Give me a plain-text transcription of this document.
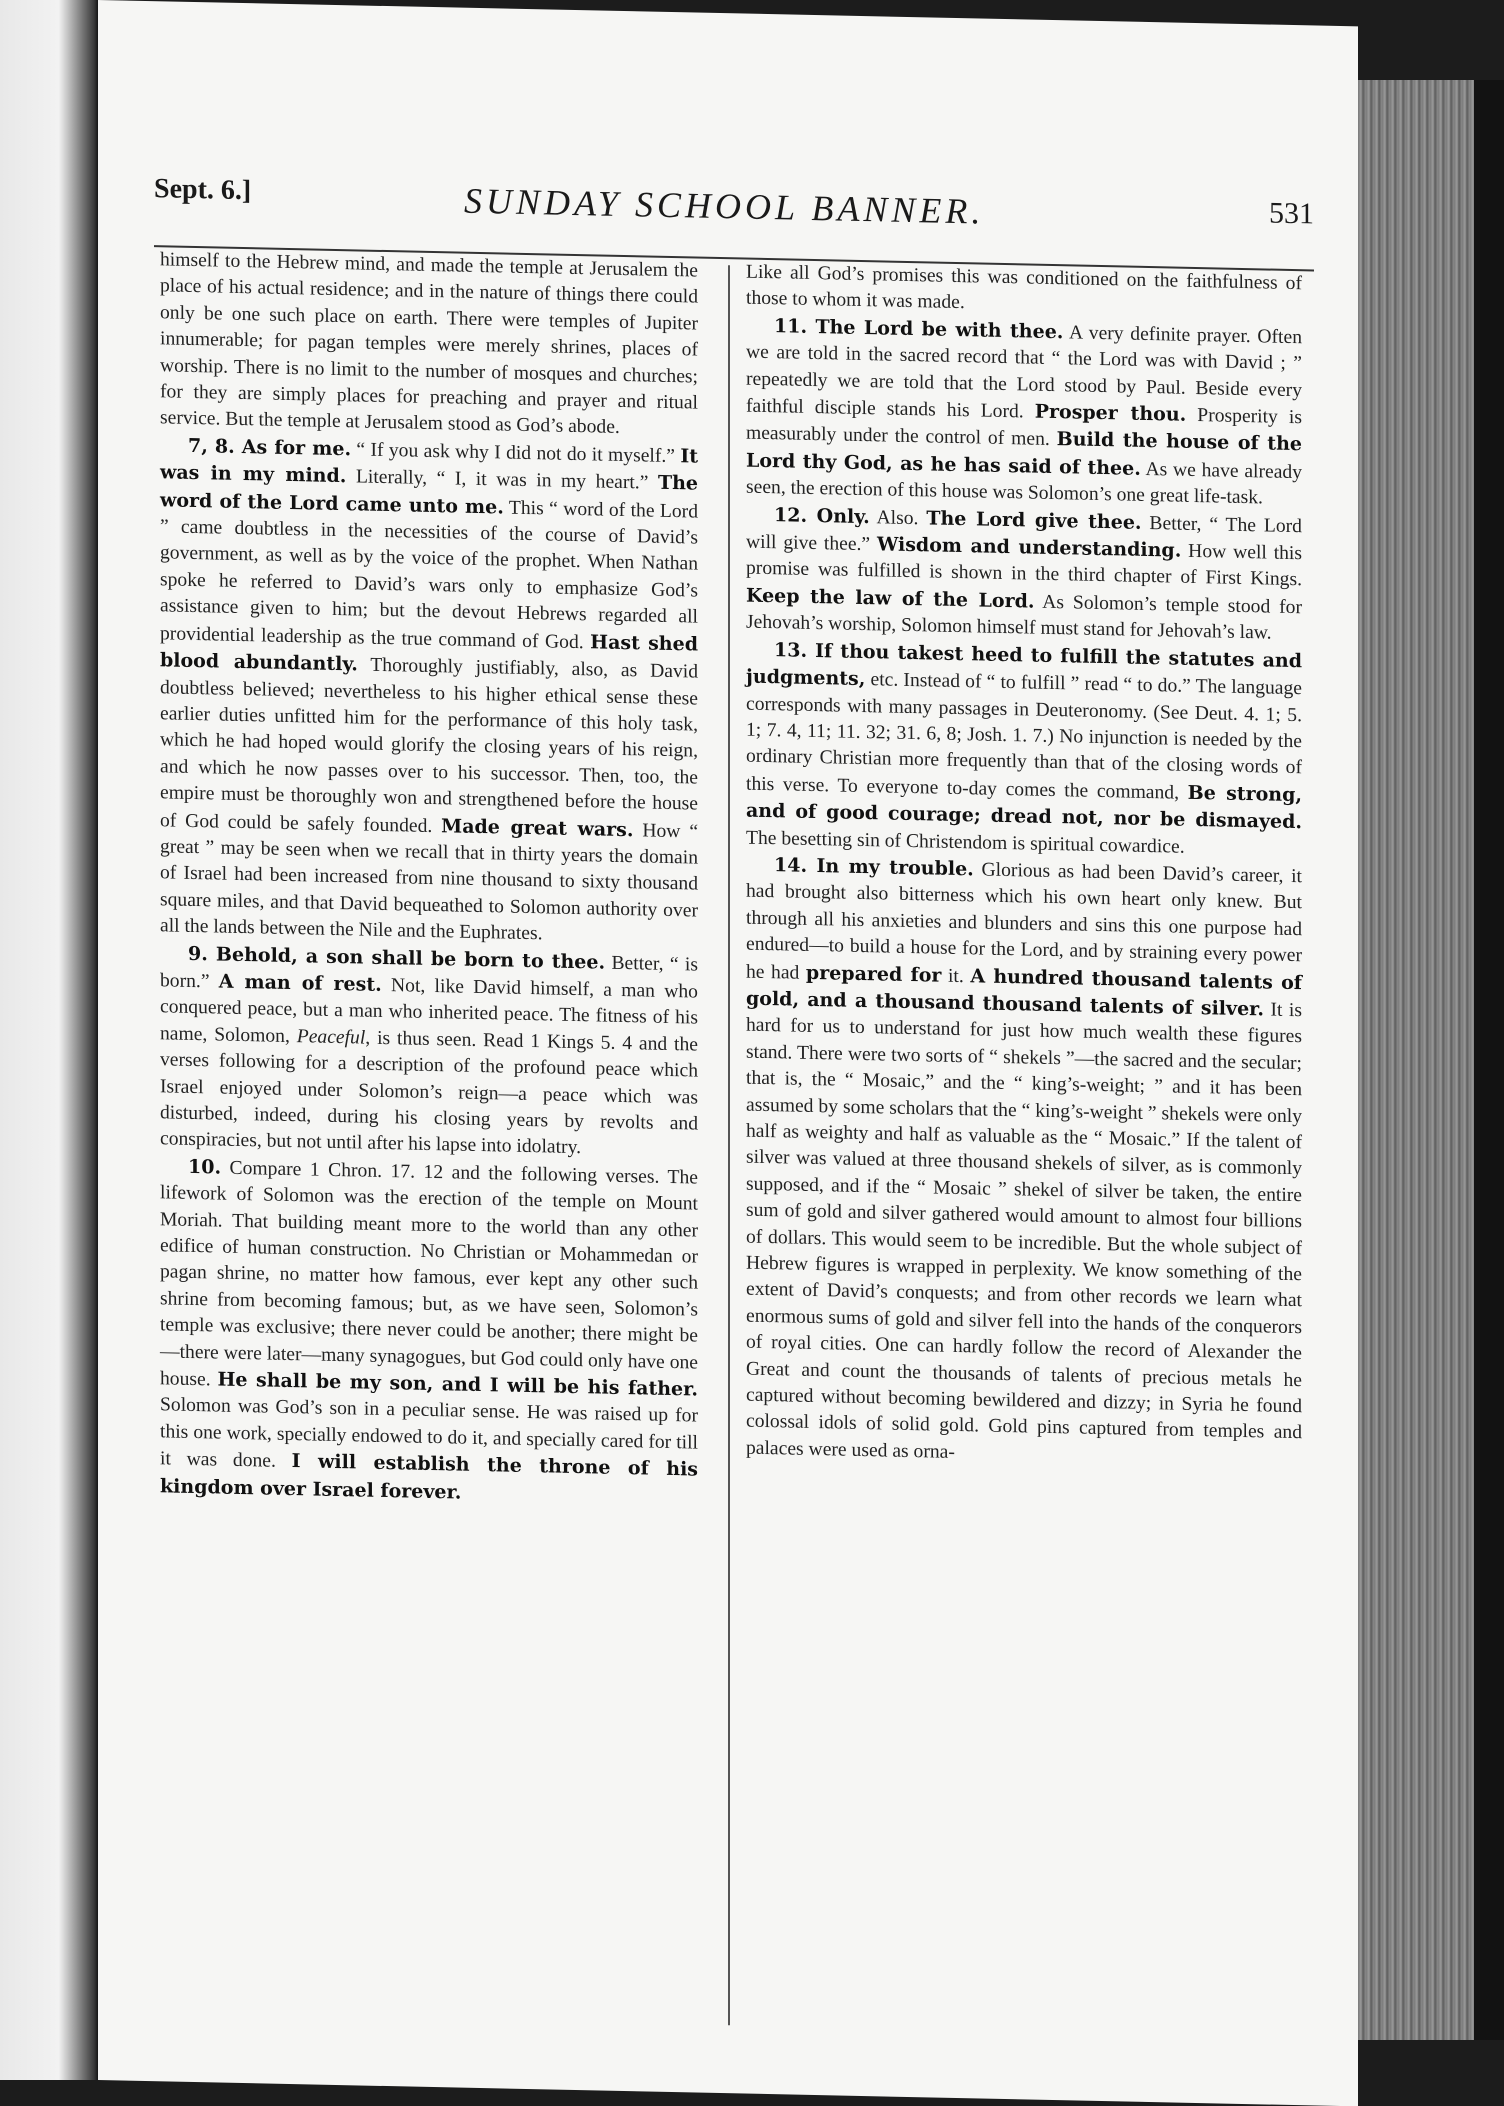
Sept. 6.]	SUNDAY SCHOOL BANNER.	531

himself to the Hebrew mind, and made the temple at Jerusalem the place of his actual residence; and in the nature of things there could only be one such place on earth. There were temples of Jupiter innumerable; for pagan temples were merely shrines, places of worship. There is no limit to the number of mosques and churches; for they are simply places for preaching and prayer and ritual service. But the temple at Jerusalem stood as God’s abode.

7, 8. As for me. “ If you ask why I did not do it myself.” It was in my mind. Literally, “ I, it was in my heart.” The word of the Lord came unto me. This “ word of the Lord ” came doubtless in the necessities of the course of David’s government, as well as by the voice of the prophet. When Nathan spoke he referred to David’s wars only to emphasize God’s assistance given to him; but the devout Hebrews regarded all providential leadership as the true command of God. Hast shed blood abundantly. Thoroughly justifiably, also, as David doubtless believed; nevertheless to his higher ethical sense these earlier duties unfitted him for the performance of this holy task, which he had hoped would glorify the closing years of his reign, and which he now passes over to his successor. Then, too, the empire must be thoroughly won and strengthened before the house of God could be safely founded. Made great wars. How “ great ” may be seen when we recall that in thirty years the domain of Israel had been increased from nine thousand to sixty thousand square miles, and that David bequeathed to Solomon authority over all the lands between the Nile and the Euphrates.

9. Behold, a son shall be born to thee. Better, “ is born.” A man of rest. Not, like David himself, a man who conquered peace, but a man who inherited peace. The fitness of his name, Solomon, Peaceful, is thus seen. Read 1 Kings 5. 4 and the verses following for a description of the profound peace which Israel enjoyed under Solomon’s reign—a peace which was disturbed, indeed, during his closing years by revolts and conspiracies, but not until after his lapse into idolatry.

10. Compare 1 Chron. 17. 12 and the following verses. The lifework of Solomon was the erection of the temple on Mount Moriah. That building meant more to the world than any other edifice of human construction. No Christian or Mohammedan or pagan shrine, no matter how famous, ever kept any other such shrine from becoming famous; but, as we have seen, Solomon’s temple was exclusive; there never could be another; there might be—there were later—many synagogues, but God could only have one house. He shall be my son, and I will be his father. Solomon was God’s son in a peculiar sense. He was raised up for this one work, specially endowed to do it, and specially cared for till it was done. I will establish the throne of his kingdom over Israel forever.

Like all God’s promises this was conditioned on the faithfulness of those to whom it was made.

11. The Lord be with thee. A very definite prayer. Often we are told in the sacred record that “ the Lord was with David ; ” repeatedly we are told that the Lord stood by Paul. Beside every faithful disciple stands his Lord. Prosper thou. Prosperity is measurably under the control of men. Build the house of the Lord thy God, as he has said of thee. As we have already seen, the erection of this house was Solomon’s one great life-task.

12. Only. Also. The Lord give thee. Better, “ The Lord will give thee.” Wisdom and understanding. How well this promise was fulfilled is shown in the third chapter of First Kings. Keep the law of the Lord. As Solomon’s temple stood for Jehovah’s worship, Solomon himself must stand for Jehovah’s law.

13. If thou takest heed to fulfill the statutes and judgments, etc. Instead of “ to fulfill ” read “ to do.” The language corresponds with many passages in Deuteronomy. (See Deut. 4. 1; 5. 1; 7. 4, 11; 11. 32; 31. 6, 8; Josh. 1. 7.) No injunction is needed by the ordinary Christian more frequently than that of the closing words of this verse. To everyone to-day comes the command, Be strong, and of good courage; dread not, nor be dismayed. The besetting sin of Christendom is spiritual cowardice.

14. In my trouble. Glorious as had been David’s career, it had brought also bitterness which his own heart only knew. But through all his anxieties and blunders and sins this one purpose had endured—to build a house for the Lord, and by straining every power he had prepared for it. A hundred thousand talents of gold, and a thousand thousand talents of silver. It is hard for us to understand for just how much wealth these figures stand. There were two sorts of “ shekels ”—the sacred and the secular; that is, the “ Mosaic,” and the “ king’s-weight; ” and it has been assumed by some scholars that the “ king’s-weight ” shekels were only half as weighty and half as valuable as the “ Mosaic.” If the talent of silver was valued at three thousand shekels of silver, as is commonly supposed, and if the “ Mosaic ” shekel of silver be taken, the entire sum of gold and silver gathered would amount to almost four billions of dollars. This would seem to be incredible. But the whole subject of Hebrew figures is wrapped in perplexity. We know something of the extent of David’s conquests; and from other records we learn what enormous sums of gold and silver fell into the hands of the conquerors of royal cities. One can hardly follow the record of Alexander the Great and count the thousands of talents of precious metals he captured without becoming bewildered and dizzy; in Syria he found colossal idols of solid gold. Gold pins captured from temples and palaces were used as orna-
